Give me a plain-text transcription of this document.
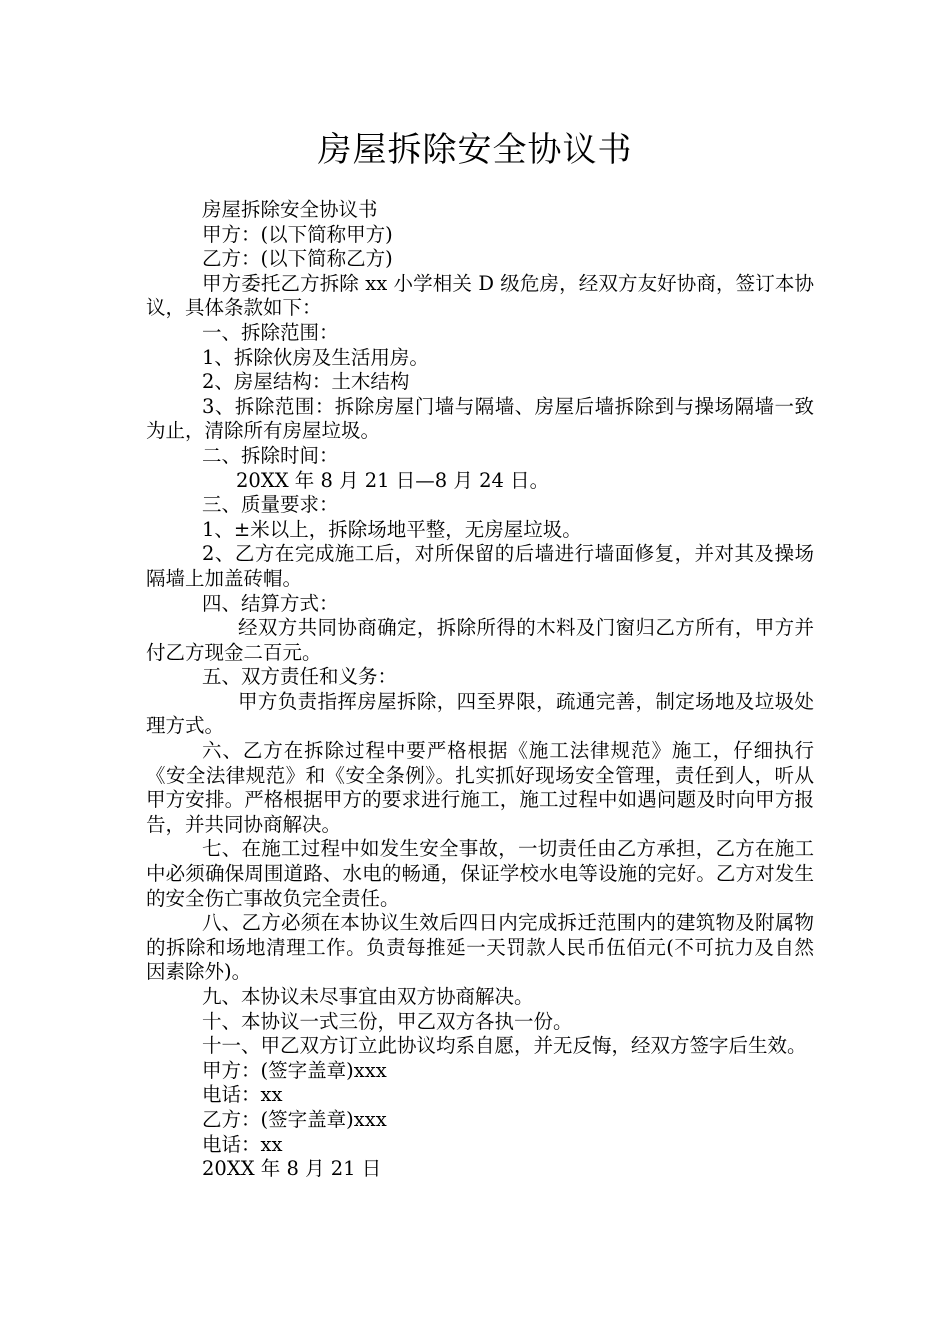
房屋拆除安全协议书

房屋拆除安全协议书

甲方：(以下简称甲方)

乙方：(以下简称乙方)

甲方委托乙方拆除 xx 小学相关 D 级危房，经双方友好协商，签订本协议，具体条款如下：

一、拆除范围：

1、拆除伙房及生活用房。

2、房屋结构：土木结构

3、拆除范围：拆除房屋门墙与隔墙、房屋后墙拆除到与操场隔墙一致为止，清除所有房屋垃圾。

二、拆除时间：

20XX 年 8 月 21 日—8 月 24 日。

三、质量要求：

1、±米以上，拆除场地平整，无房屋垃圾。

2、乙方在完成施工后，对所保留的后墙进行墙面修复，并对其及操场隔墙上加盖砖帽。

四、结算方式：

经双方共同协商确定，拆除所得的木料及门窗归乙方所有，甲方并付乙方现金二百元。

五、双方责任和义务：

甲方负责指挥房屋拆除，四至界限，疏通完善，制定场地及垃圾处理方式。

六、乙方在拆除过程中要严格根据《施工法律规范》施工，仔细执行《安全法律规范》和《安全条例》。扎实抓好现场安全管理，责任到人，听从甲方安排。严格根据甲方的要求进行施工，施工过程中如遇问题及时向甲方报告，并共同协商解决。

七、在施工过程中如发生安全事故，一切责任由乙方承担，乙方在施工中必须确保周围道路、水电的畅通，保证学校水电等设施的完好。乙方对发生的安全伤亡事故负完全责任。

八、乙方必须在本协议生效后四日内完成拆迁范围内的建筑物及附属物的拆除和场地清理工作。负责每推延一天罚款人民币伍佰元(不可抗力及自然因素除外)。

九、本协议未尽事宜由双方协商解决。

十、本协议一式三份，甲乙双方各执一份。

十一、甲乙双方订立此协议均系自愿，并无反悔，经双方签字后生效。

甲方：(签字盖章)xxx

电话：xx

乙方：(签字盖章)xxx

电话：xx

20XX 年 8 月 21 日
